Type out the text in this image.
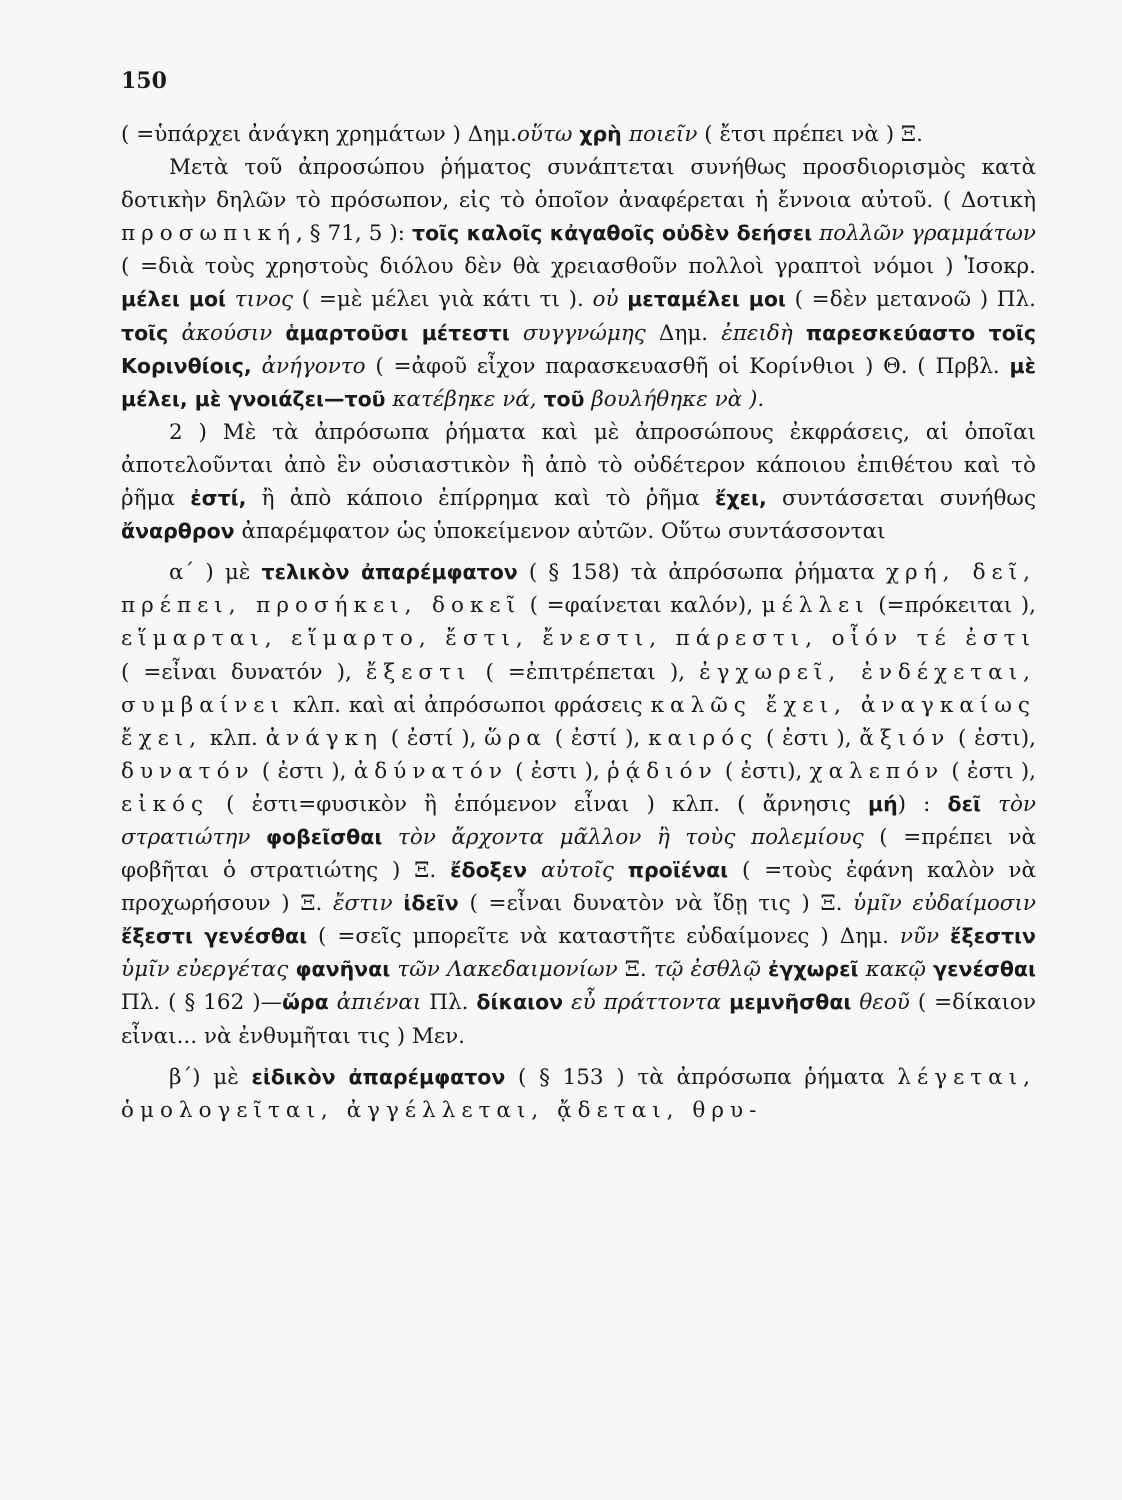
150

( =ὑπάρχει ἀνάγκη χρημάτων ) Δημ.οὕτω χρὴ ποιεῖν ( ἔτσι πρέπει νὰ ) Ξ.

Μετὰ τοῦ ἀπροσώπου ῥήματος συνάπτεται συνήθως προσδιορισμὸς κατὰ δοτικὴν δηλῶν τὸ πρόσωπον, εἰς τὸ ὁποῖον ἀναφέρεται ἡ ἔννοια αὐτοῦ. ( Δοτικὴ προσωπική, § 71, 5 ): τοῖς καλοῖς κἀγαθοῖς οὐδὲν δεήσει πολλῶν γραμμάτων ( =διὰ τοὺς χρηστοὺς διόλου δὲν θὰ χρειασθοῦν πολλοὶ γραπτοὶ νόμοι ) Ἰσοκρ. μέλει μοί τινος ( =μὲ μέλει γιὰ κάτι τι ). οὐ μεταμέλει μοι ( =δὲν μετανοῶ ) Πλ. τοῖς ἀκούσιν ἁμαρτοῦσι μέτεστι συγγνώμης Δημ. ἐπειδὴ παρεσκεύαστο τοῖς Κορινθίοις, ἀνήγοντο ( =ἀφοῦ εἶχον παρασκευασθῆ οἱ Κορίνθιοι ) Θ. ( Πρβλ. μὲ μέλει, μὲ γνοιάζει—τοῦ κατέβηκε νά, τοῦ βουλήθηκε νὰ ).

2 ) Μὲ τὰ ἀπρόσωπα ῥήματα καὶ μὲ ἀπροσώπους ἐκφράσεις, αἱ ὁποῖαι ἀποτελοῦνται ἀπὸ ἓν οὐσιαστικὸν ἢ ἀπὸ τὸ οὐδέτερον κάποιου ἐπιθέτου καὶ τὸ ῥῆμα ἐστί, ἢ ἀπὸ κάποιο ἐπίρρημα καὶ τὸ ῥῆμα ἔχει, συντάσσεται συνήθως ἄναρθρον ἀπαρέμφατον ὡς ὑποκείμενον αὐτῶν. Οὕτω συντάσσονται

α΄ ) μὲ τελικὸν ἀπαρέμφατον ( § 158) τὰ ἀπρόσωπα ῥήματα χρή, δεῖ, πρέπει, προσήκει, δοκεῖ ( =φαίνεται καλόν), μέλλει (=πρόκειται ), εἵμαρται, εἵμαρτο, ἔστι, ἔνεστι, πάρεστι, οἷόν τέ ἐστι ( =εἶναι δυνατόν ), ἔξεστι ( =ἐπιτρέπεται ), ἐγχωρεῖ, ἐνδέχεται, συμβαίνει κλπ. καὶ αἱ ἀπρόσωποι φράσεις καλῶς ἔχει, ἀναγκαίως ἔχει, κλπ. ἀνάγκη ( ἐστί ), ὥρα ( ἐστί ), καιρός ( ἐστι ), ἄξιόν ( ἐστι), δυνατόν ( ἐστι ), ἀδύνατόν ( ἐστι ), ῥᾴδιόν ( ἐστι), χαλεπόν ( ἐστι ), εἰκός ( ἐστι=φυσικὸν ἢ ἑπόμενον εἶναι ) κλπ. ( ἄρνησις μή) : δεῖ τὸν στρατιώτην φοβεῖσθαι τὸν ἄρχοντα μᾶλλον ἢ τοὺς πολεμίους ( =πρέπει νὰ φοβῆται ὁ στρατιώτης ) Ξ. ἔδοξεν αὐτοῖς προϊέναι ( =τοὺς ἐφάνη καλὸν νὰ προχωρήσουν ) Ξ. ἔστιν ἰδεῖν ( =εἶναι δυνατὸν νὰ ἴδῃ τις ) Ξ. ὑμῖν εὐδαίμοσιν ἔξεστι γενέσθαι ( =σεῖς μπορεῖτε νὰ καταστῆτε εὐδαίμονες ) Δημ. νῦν ἔξεστιν ὑμῖν εὐεργέτας φανῆναι τῶν Λακεδαιμονίων Ξ. τῷ ἐσθλῷ ἐγχωρεῖ κακῷ γενέσθαι Πλ. ( § 162 )—ὥρα ἀπιέναι Πλ. δίκαιον εὖ πράττοντα μεμνῆσθαι θεοῦ ( =δίκαιον εἶναι... νὰ ἐνθυμῆται τις ) Μεν.

β΄) μὲ εἰδικὸν ἀπαρέμφατον ( § 153 ) τὰ ἀπρόσωπα ῥήματα λέγεται, ὁμολογεῖται, ἀγγέλλεται, ᾄδεται, θρυ-
